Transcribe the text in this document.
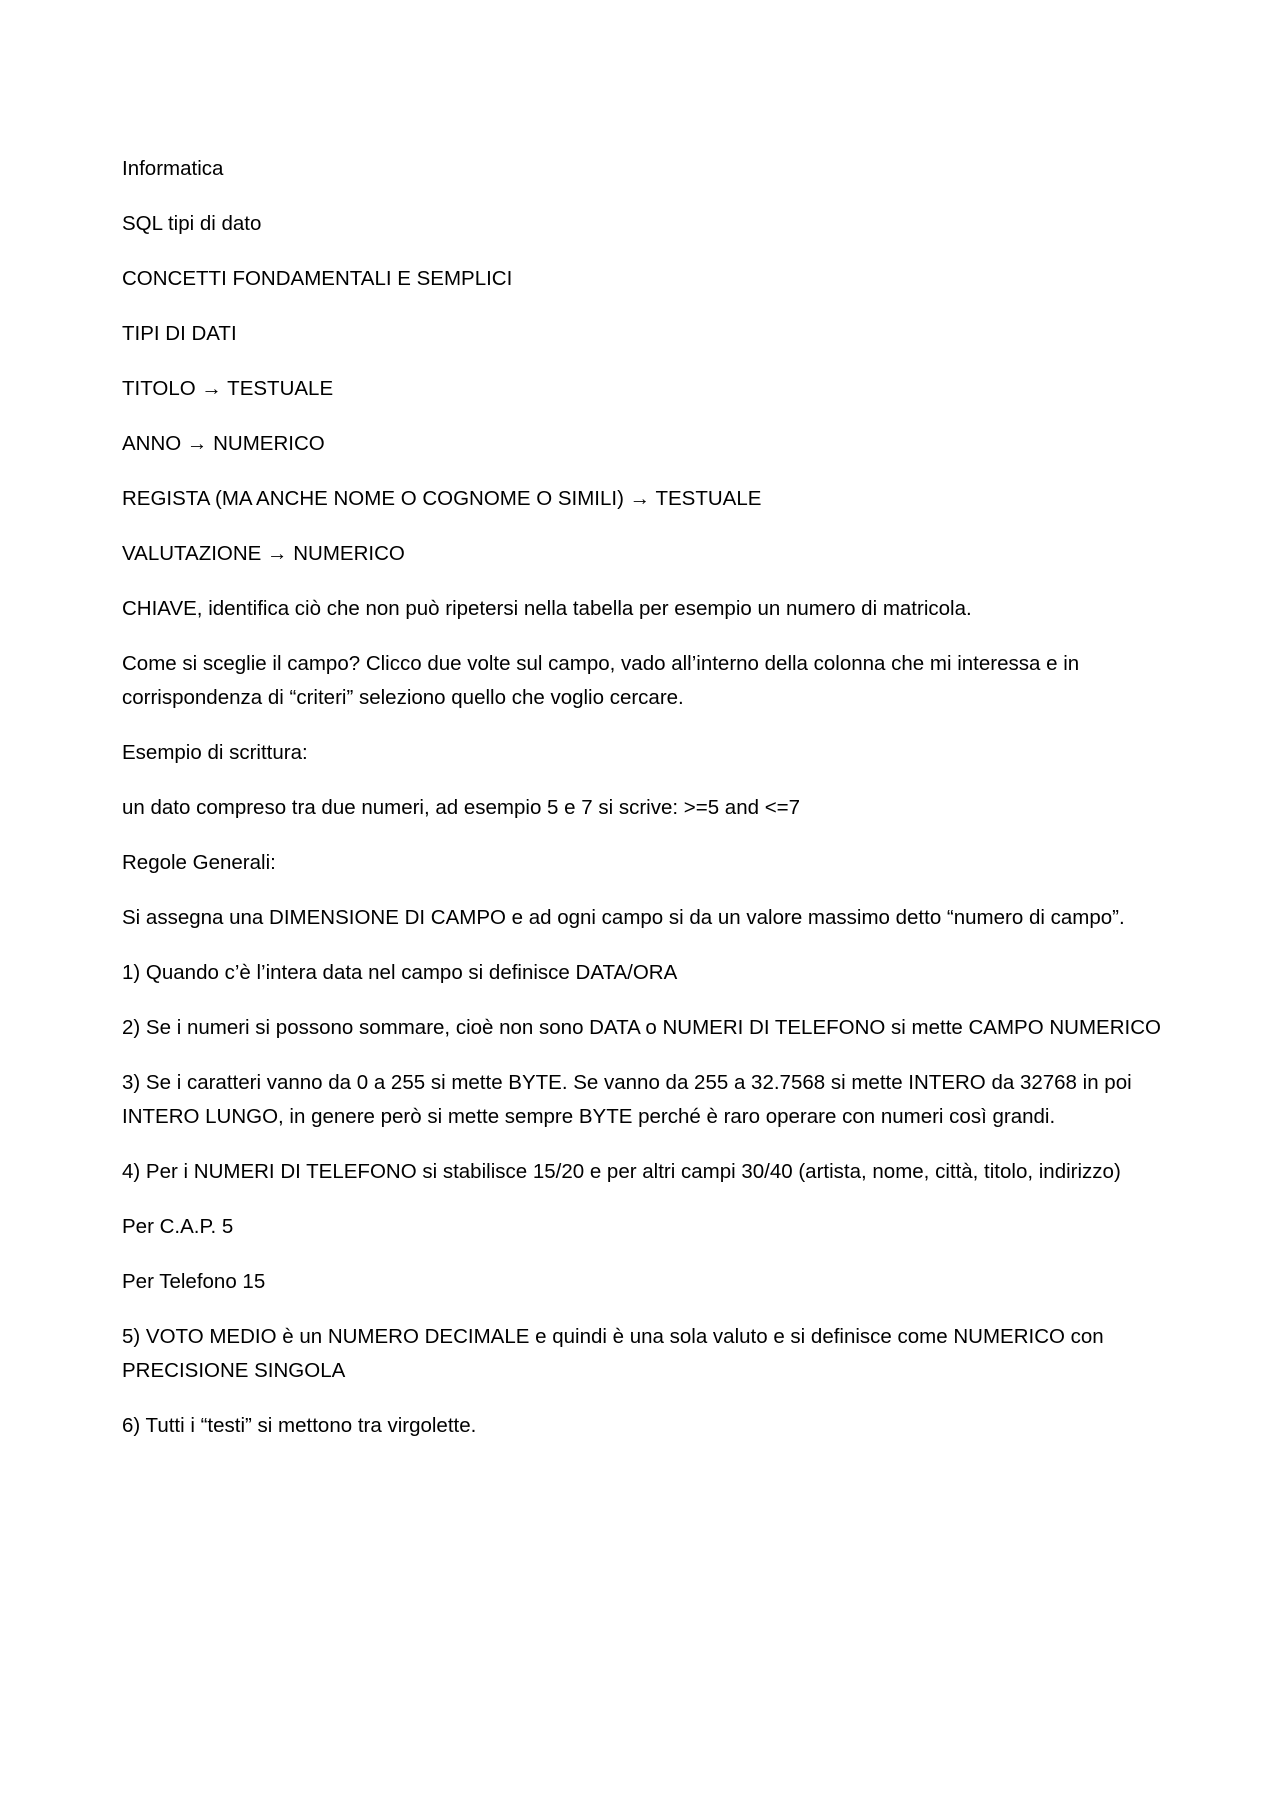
Informatica

SQL tipi di dato

CONCETTI FONDAMENTALI E SEMPLICI

TIPI DI DATI

TITOLO → TESTUALE

ANNO → NUMERICO

REGISTA (MA ANCHE NOME O COGNOME O SIMILI) → TESTUALE

VALUTAZIONE → NUMERICO

CHIAVE, identifica ciò che non può ripetersi nella tabella per esempio un numero di matricola.

Come si sceglie il campo? Clicco due volte sul campo, vado all’interno della colonna che mi interessa e in corrispondenza di “criteri” seleziono quello che voglio cercare.

Esempio di scrittura:

un dato compreso tra due numeri, ad esempio 5 e 7 si scrive: >=5 and <=7

Regole Generali:

Si assegna una DIMENSIONE DI CAMPO e ad ogni campo si da un valore massimo detto “numero di campo”.

1) Quando c’è l’intera data nel campo si definisce DATA/ORA

2) Se i numeri si possono sommare, cioè non sono DATA o NUMERI DI TELEFONO si mette CAMPO NUMERICO

3) Se i caratteri vanno da 0 a 255 si mette BYTE. Se vanno da 255 a 32.7568 si mette INTERO da 32768 in poi INTERO LUNGO, in genere però si mette sempre BYTE perché è raro operare con numeri così grandi.

4) Per i NUMERI DI TELEFONO si stabilisce 15/20 e per altri campi 30/40 (artista, nome, città, titolo, indirizzo)

Per C.A.P. 5

Per Telefono 15

5) VOTO MEDIO è un NUMERO DECIMALE e quindi è una sola valuto e si definisce come NUMERICO con PRECISIONE SINGOLA

6) Tutti i “testi” si mettono tra virgolette.
